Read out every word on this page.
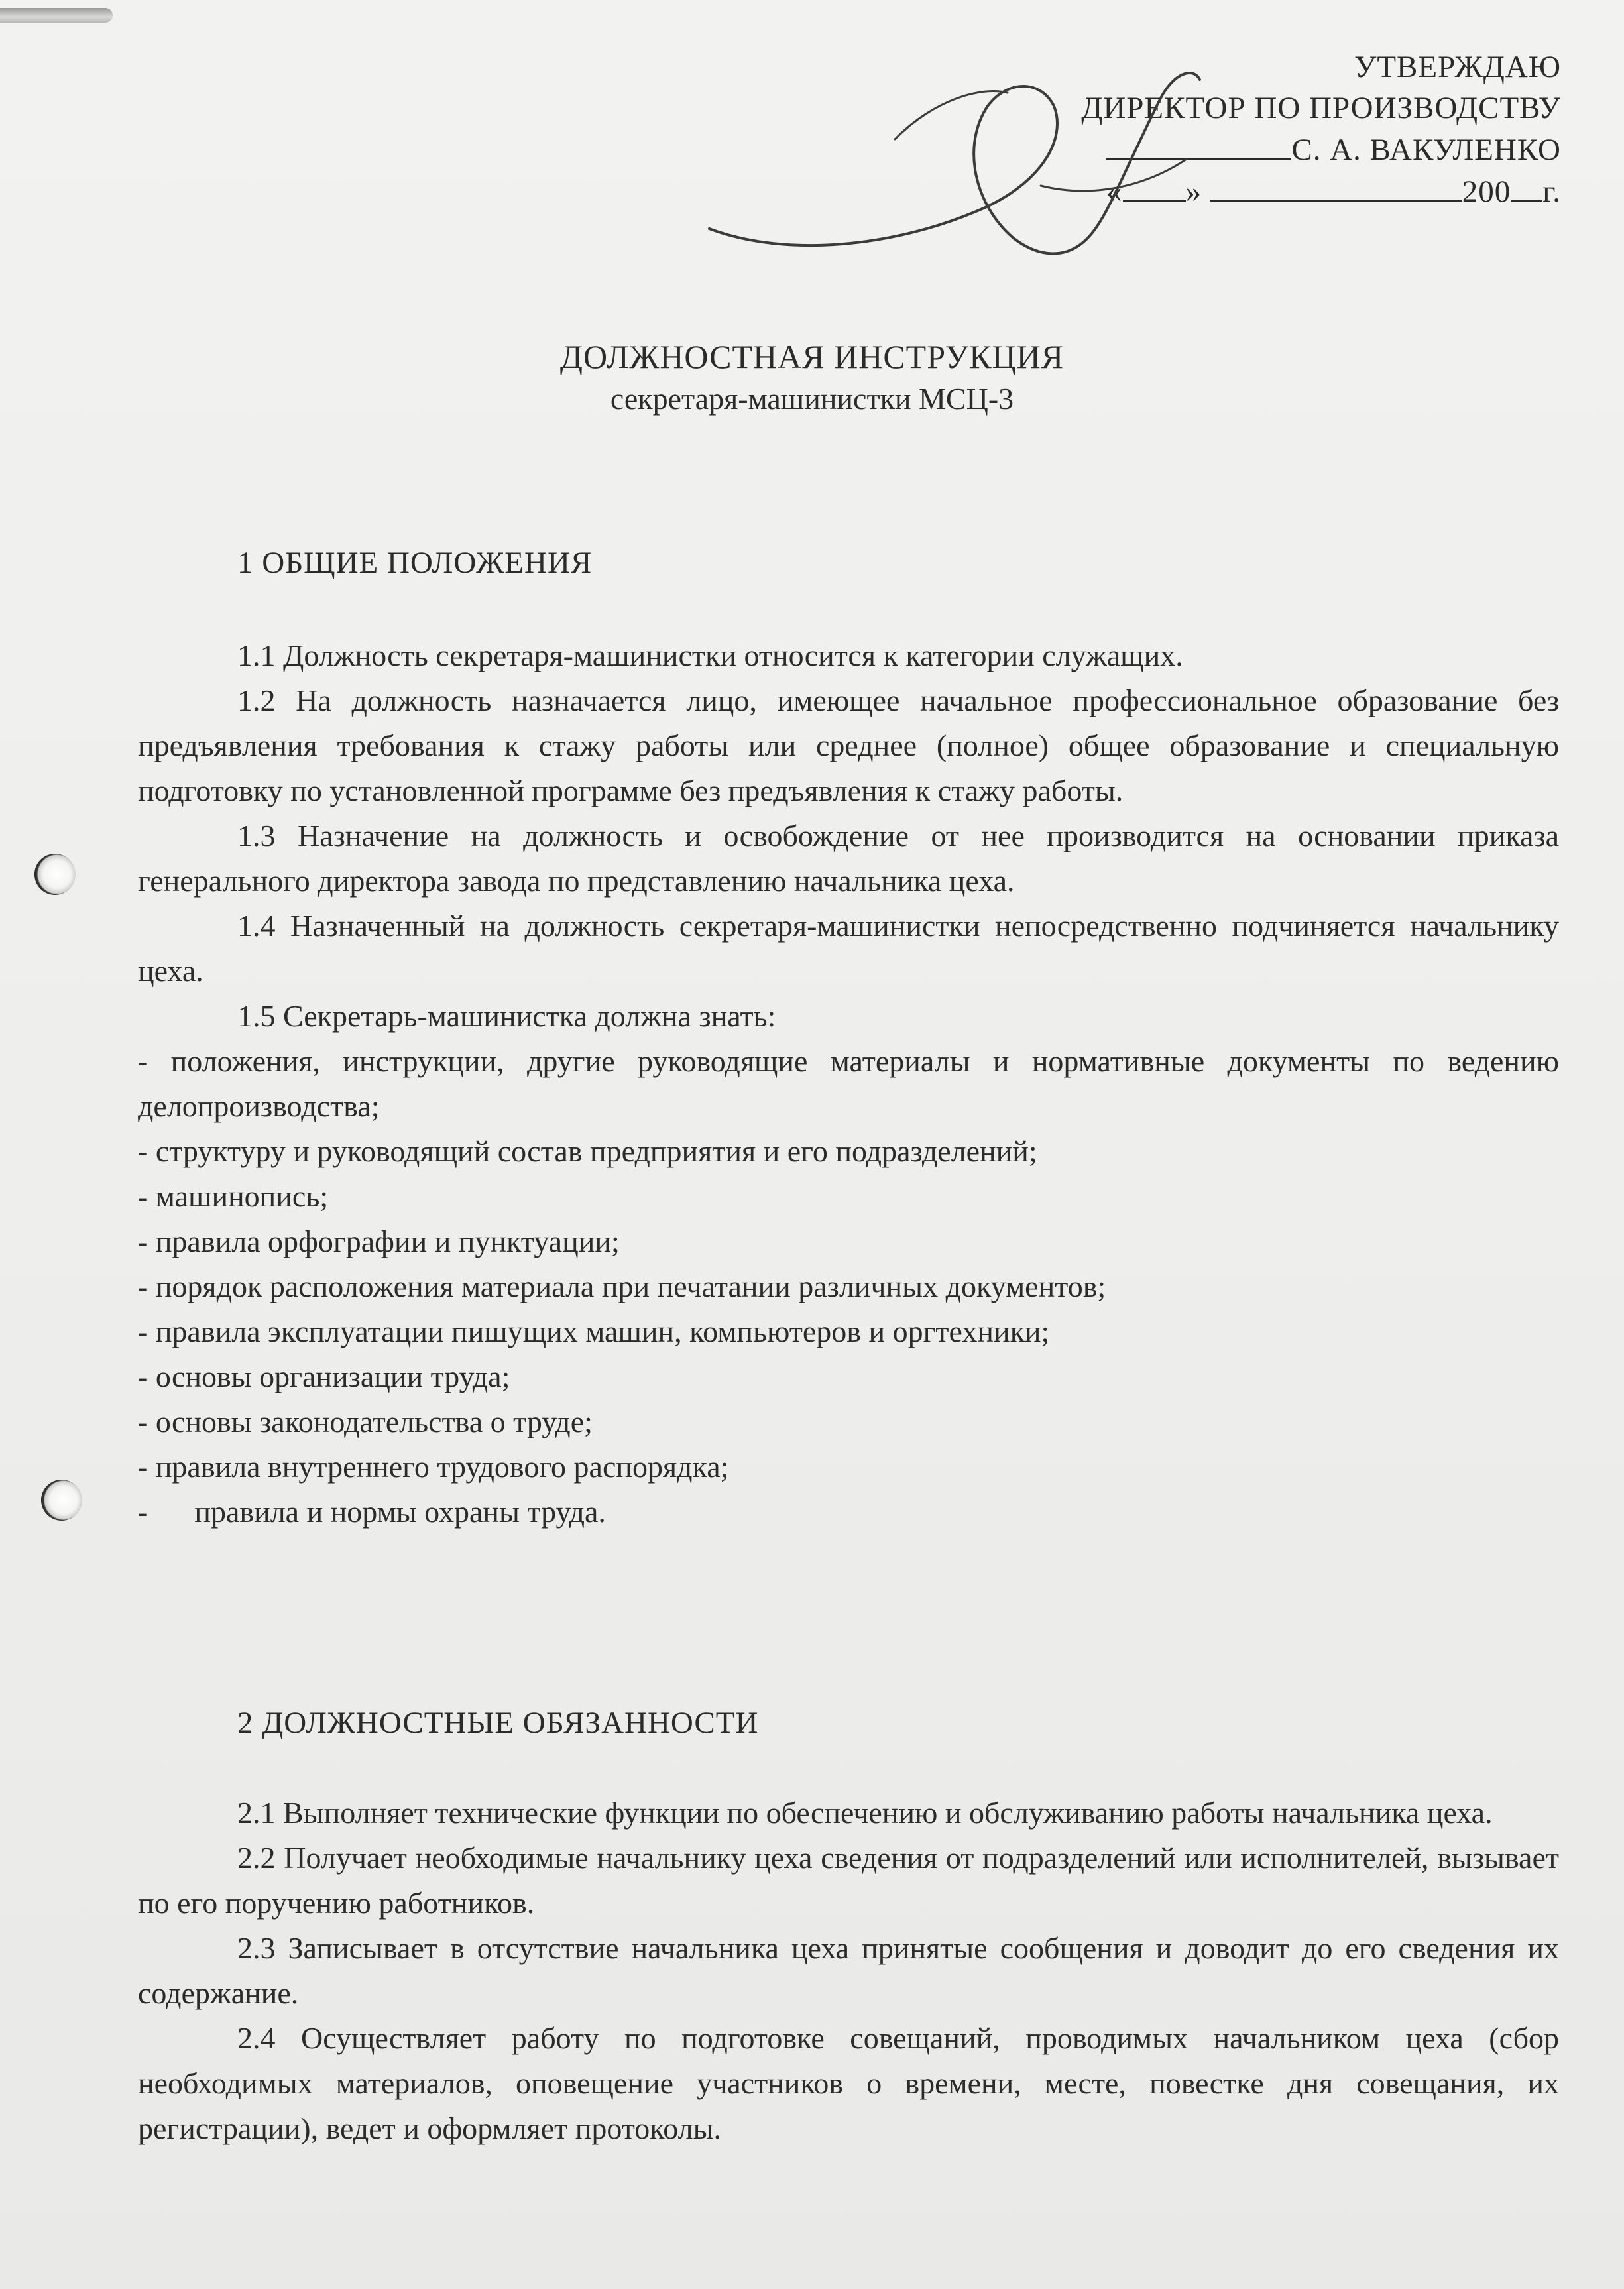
УТВЕРЖДАЮ
ДИРЕКТОР ПО ПРОИЗВОДСТВУ
С. А. ВАКУЛЕНКО
« »	200 г.
ДОЛЖНОСТНАЯ ИНСТРУКЦИЯ
секретаря-машинистки МСЦ-3

1 ОБЩИЕ ПОЛОЖЕНИЯ

1.1 Должность секретаря-машинистки относится к категории служащих.

1.2 На должность назначается лицо, имеющее начальное профессиональное образование без предъявления требования к стажу работы или среднее (полное) общее образование и специальную подготовку по установленной программе без предъявления к стажу работы.

1.3 Назначение на должность и освобождение от нее производится на основании приказа генерального директора завода по представлению начальника цеха.

1.4 Назначенный на должность секретаря-машинистки непосредственно подчиняется начальнику цеха.

1.5 Секретарь-машинистка должна знать:

- положения, инструкции, другие руководящие материалы и нормативные документы по ведению делопроизводства;

- структуру и руководящий состав предприятия и его подразделений;

- машинопись;

- правила орфографии и пунктуации;

- порядок расположения материала при печатании различных документов;

- правила эксплуатации пишущих машин, компьютеров и оргтехники;

- основы организации труда;

- основы законодательства о труде;

- правила внутреннего трудового распорядка;

- правила и нормы охраны труда.

2 ДОЛЖНОСТНЫЕ ОБЯЗАННОСТИ

2.1 Выполняет технические функции по обеспечению и обслуживанию работы начальника цеха.

2.2 Получает необходимые начальнику цеха сведения от подразделений или исполнителей, вызывает по его поручению работников.

2.3 Записывает в отсутствие начальника цеха принятые сообщения и доводит до его сведения их содержание.

2.4 Осуществляет работу по подготовке совещаний, проводимых начальником цеха (сбор необходимых материалов, оповещение участников о времени, месте, повестке дня совещания, их регистрации), ведет и оформляет протоколы.
